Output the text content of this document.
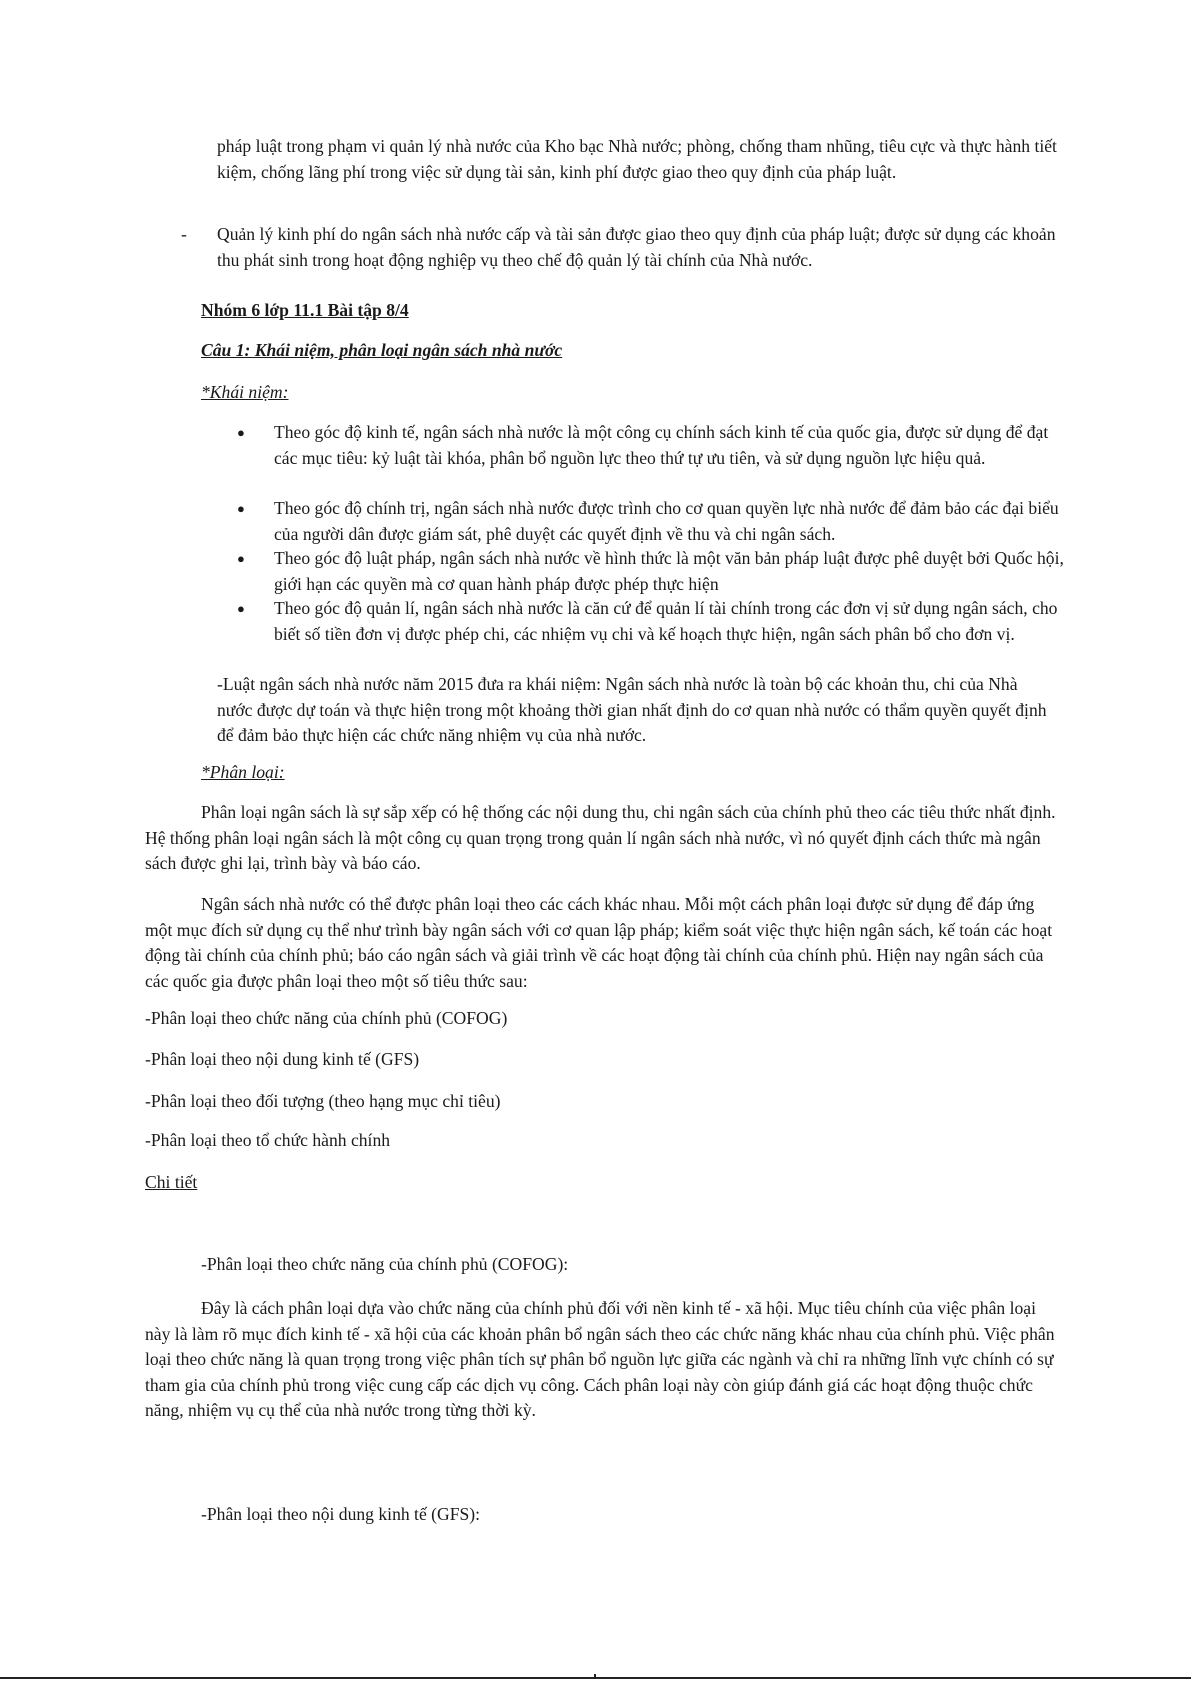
pháp luật trong phạm vi quản lý nhà nước của Kho bạc Nhà nước; phòng, chống tham nhũng, tiêu cực và thực hành tiết kiệm, chống lãng phí trong việc sử dụng tài sản, kinh phí được giao theo quy định của pháp luật.

- Quản lý kinh phí do ngân sách nhà nước cấp và tài sản được giao theo quy định của pháp luật; được sử dụng các khoản thu phát sinh trong hoạt động nghiệp vụ theo chế độ quản lý tài chính của Nhà nước.

Nhóm 6 lớp 11.1 Bài tập 8/4

Câu 1: Khái niệm, phân loại ngân sách nhà nước

*Khái niệm:

● Theo góc độ kinh tế, ngân sách nhà nước là một công cụ chính sách kinh tế của quốc gia, được sử dụng để đạt các mục tiêu: kỷ luật tài khóa, phân bổ nguồn lực theo thứ tự ưu tiên, và sử dụng nguồn lực hiệu quả.

● Theo góc độ chính trị, ngân sách nhà nước được trình cho cơ quan quyền lực nhà nước để đảm bảo các đại biểu của người dân được giám sát, phê duyệt các quyết định về thu và chi ngân sách.

● Theo góc độ luật pháp, ngân sách nhà nước về hình thức là một văn bản pháp luật được phê duyệt bởi Quốc hội, giới hạn các quyền mà cơ quan hành pháp được phép thực hiện

● Theo góc độ quản lí, ngân sách nhà nước là căn cứ để quản lí tài chính trong các đơn vị sử dụng ngân sách, cho biết số tiền đơn vị được phép chi, các nhiệm vụ chi và kế hoạch thực hiện, ngân sách phân bổ cho đơn vị.

-Luật ngân sách nhà nước năm 2015 đưa ra khái niệm: Ngân sách nhà nước là toàn bộ các khoản thu, chi của Nhà nước được dự toán và thực hiện trong một khoảng thời gian nhất định do cơ quan nhà nước có thẩm quyền quyết định để đảm bảo thực hiện các chức năng nhiệm vụ của nhà nước.

*Phân loại:

Phân loại ngân sách là sự sắp xếp có hệ thống các nội dung thu, chi ngân sách của chính phủ theo các tiêu thức nhất định. Hệ thống phân loại ngân sách là một công cụ quan trọng trong quản lí ngân sách nhà nước, vì nó quyết định cách thức mà ngân sách được ghi lại, trình bày và báo cáo.

Ngân sách nhà nước có thể được phân loại theo các cách khác nhau. Mỗi một cách phân loại được sử dụng để đáp ứng một mục đích sử dụng cụ thể như trình bày ngân sách với cơ quan lập pháp; kiểm soát việc thực hiện ngân sách, kế toán các hoạt động tài chính của chính phủ; báo cáo ngân sách và giải trình về các hoạt động tài chính của chính phủ. Hiện nay ngân sách của các quốc gia được phân loại theo một số tiêu thức sau:

-Phân loại theo chức năng của chính phủ (COFOG)

-Phân loại theo nội dung kinh tế (GFS)

-Phân loại theo đối tượng (theo hạng mục chỉ tiêu)

-Phân loại theo tổ chức hành chính

Chi tiết

-Phân loại theo chức năng của chính phủ (COFOG):

Đây là cách phân loại dựa vào chức năng của chính phủ đối với nền kinh tế - xã hội. Mục tiêu chính của việc phân loại này là làm rõ mục đích kinh tế - xã hội của các khoản phân bổ ngân sách theo các chức năng khác nhau của chính phủ. Việc phân loại theo chức năng là quan trọng trong việc phân tích sự phân bổ nguồn lực giữa các ngành và chỉ ra những lĩnh vực chính có sự tham gia của chính phủ trong việc cung cấp các dịch vụ công. Cách phân loại này còn giúp đánh giá các hoạt động thuộc chức năng, nhiệm vụ cụ thể của nhà nước trong từng thời kỳ.

-Phân loại theo nội dung kinh tế (GFS):
